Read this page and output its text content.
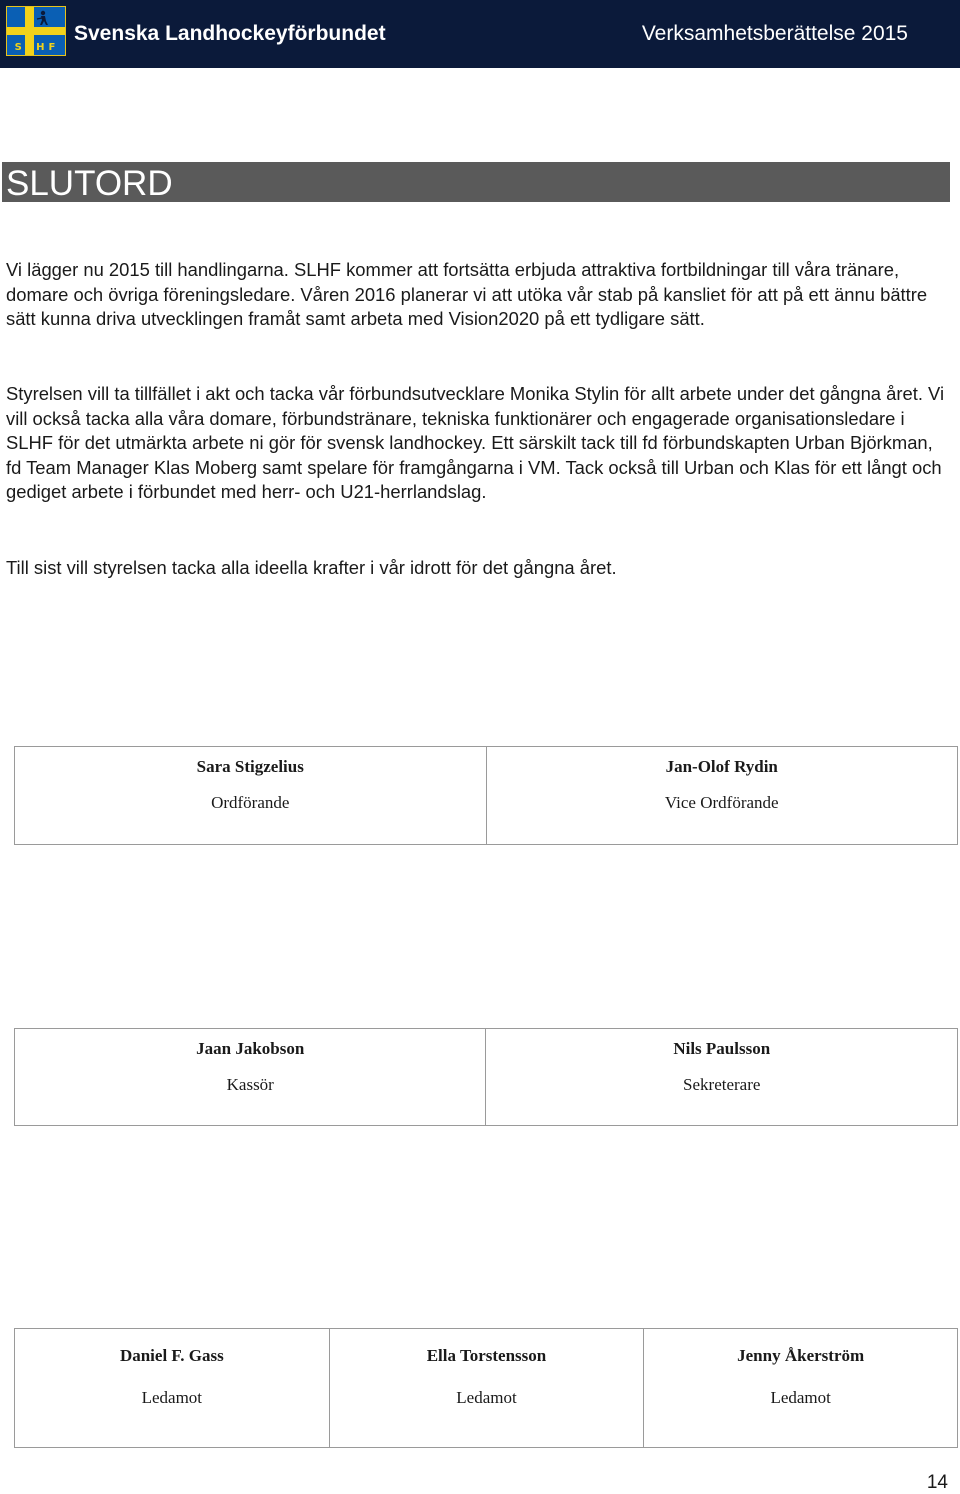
SLHF
Svenska Landhockeyförbundet	Verksamhetsberättelse 2015
SLUTORD

Vi lägger nu 2015 till handlingarna. SLHF kommer att fortsätta erbjuda attraktiva fortbildningar till våra tränare, domare och övriga föreningsledare. Våren 2016 planerar vi att utöka vår stab på kansliet för att på ett ännu bättre sätt kunna driva utvecklingen framåt samt arbeta med Vision2020 på ett tydligare sätt.

Styrelsen vill ta tillfället i akt och tacka vår förbundsutvecklare Monika Stylin för allt arbete under det gångna året. Vi vill också tacka alla våra domare, förbundstränare, tekniska funktionärer och engagerade organisationsledare i SLHF för det utmärkta arbete ni gör för svensk landhockey. Ett särskilt tack till fd förbundskapten Urban Björkman, fd Team Manager Klas Moberg samt spelare för framgångarna i VM. Tack också till Urban och Klas för ett långt och gediget arbete i förbundet med herr- och U21-herrlandslag.

Till sist vill styrelsen tacka alla ideella krafter i vår idrott för det gångna året.

Sara Stigzelius
Ordförande

Jan-Olof Rydin
Vice Ordförande
Jaan Jakobson
Kassör

Nils Paulsson
Sekreterare
Daniel F. Gass
Ledamot

Ella Torstensson
Ledamot

Jenny Åkerström
Ledamot
14
